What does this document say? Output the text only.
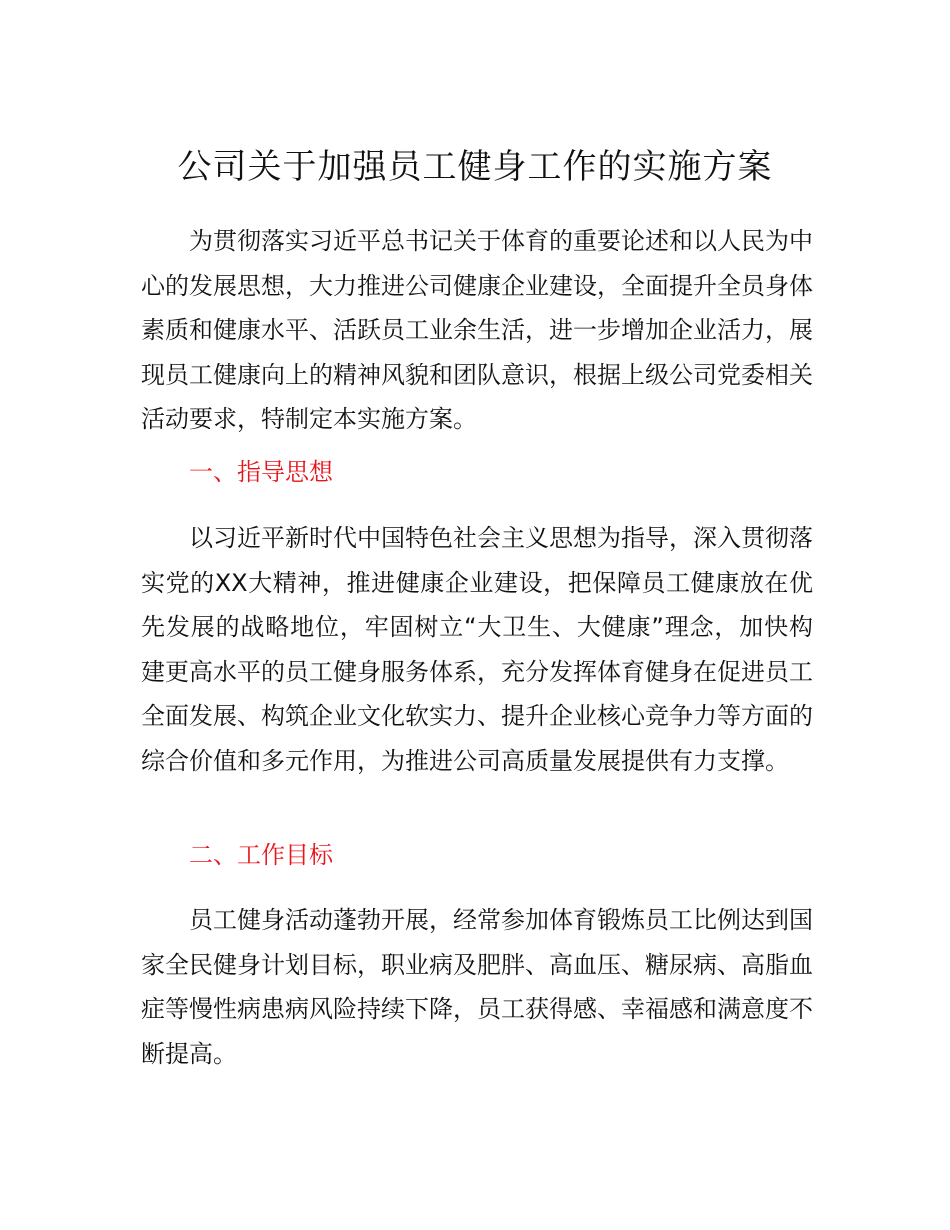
公司关于加强员工健身工作的实施方案

为贯彻落实习近平总书记关于体育的重要论述和以人民为中心的发展思想，大力推进公司健康企业建设，全面提升全员身体素质和健康水平、活跃员工业余生活，进一步增加企业活力，展现员工健康向上的精神风貌和团队意识，根据上级公司党委相关活动要求，特制定本实施方案。

一、指导思想

以习近平新时代中国特色社会主义思想为指导，深入贯彻落实党的XX大精神，推进健康企业建设，把保障员工健康放在优先发展的战略地位，牢固树立“大卫生、大健康”理念，加快构建更高水平的员工健身服务体系，充分发挥体育健身在促进员工全面发展、构筑企业文化软实力、提升企业核心竞争力等方面的综合价值和多元作用，为推进公司高质量发展提供有力支撑。

二、工作目标

员工健身活动蓬勃开展，经常参加体育锻炼员工比例达到国家全民健身计划目标，职业病及肥胖、高血压、糖尿病、高脂血症等慢性病患病风险持续下降，员工获得感、幸福感和满意度不断提高。
